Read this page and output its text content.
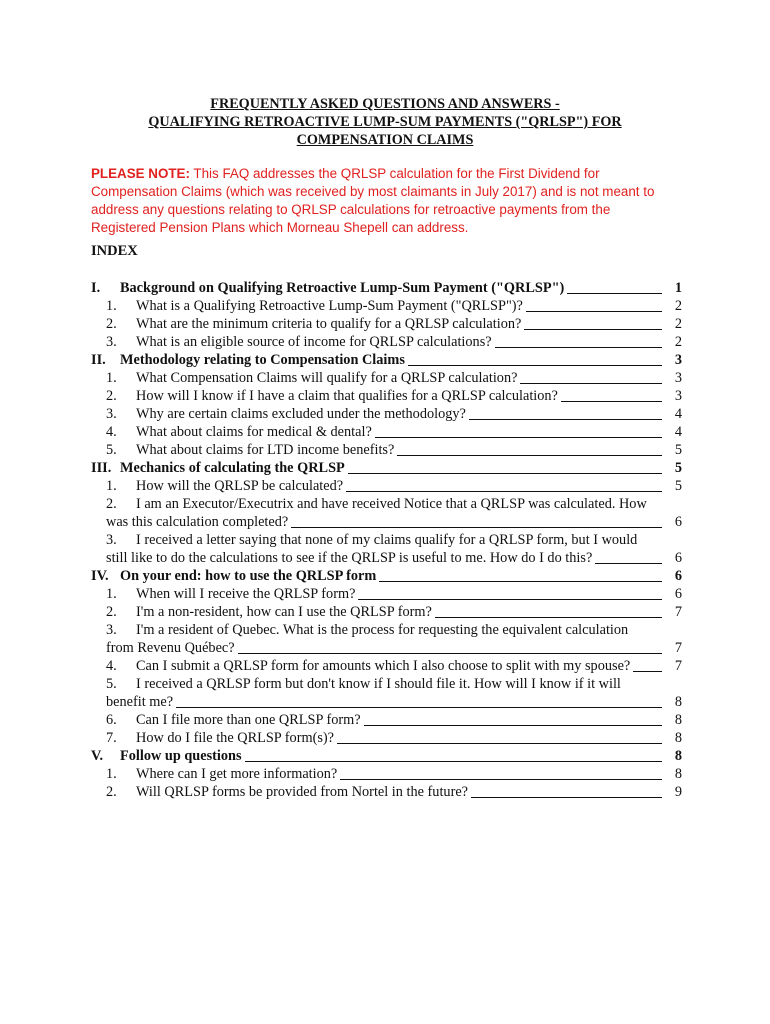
FREQUENTLY ASKED QUESTIONS AND ANSWERS -
QUALIFYING RETROACTIVE LUMP-SUM PAYMENTS ("QRLSP") FOR
COMPENSATION CLAIMS
PLEASE NOTE: This FAQ addresses the QRLSP calculation for the First Dividend for
Compensation Claims (which was received by most claimants in July 2017) and is not meant to
address any questions relating to QRLSP calculations for retroactive payments from the
Registered Pension Plans which Morneau Shepell can address.
INDEX
I. Background on Qualifying Retroactive Lump-Sum Payment ("QRLSP")	1
1. What is a Qualifying Retroactive Lump-Sum Payment ("QRLSP")?	2
2. What are the minimum criteria to qualify for a QRLSP calculation?	2
3. What is an eligible source of income for QRLSP calculations?	2
II. Methodology relating to Compensation Claims	3
1. What Compensation Claims will qualify for a QRLSP calculation?	3
2. How will I know if I have a claim that qualifies for a QRLSP calculation?	3
3. Why are certain claims excluded under the methodology?	4
4. What about claims for medical & dental?	4
5. What about claims for LTD income benefits?	5
III. Mechanics of calculating the QRLSP	5
1. How will the QRLSP be calculated?	5
2. I am an Executor/Executrix and have received Notice that a QRLSP was calculated. How
was this calculation completed?	6
3. I received a letter saying that none of my claims qualify for a QRLSP form, but I would
still like to do the calculations to see if the QRLSP is useful to me. How do I do this?	6
IV. On your end: how to use the QRLSP form	6
1. When will I receive the QRLSP form?	6
2. I'm a non-resident, how can I use the QRLSP form?	7
3. I'm a resident of Quebec. What is the process for requesting the equivalent calculation
from Revenu Québec?	7
4. Can I submit a QRLSP form for amounts which I also choose to split with my spouse?	7
5. I received a QRLSP form but don't know if I should file it. How will I know if it will
benefit me?	8
6. Can I file more than one QRLSP form?	8
7. How do I file the QRLSP form(s)?	8
V. Follow up questions	8
1. Where can I get more information?	8
2. Will QRLSP forms be provided from Nortel in the future?	9
